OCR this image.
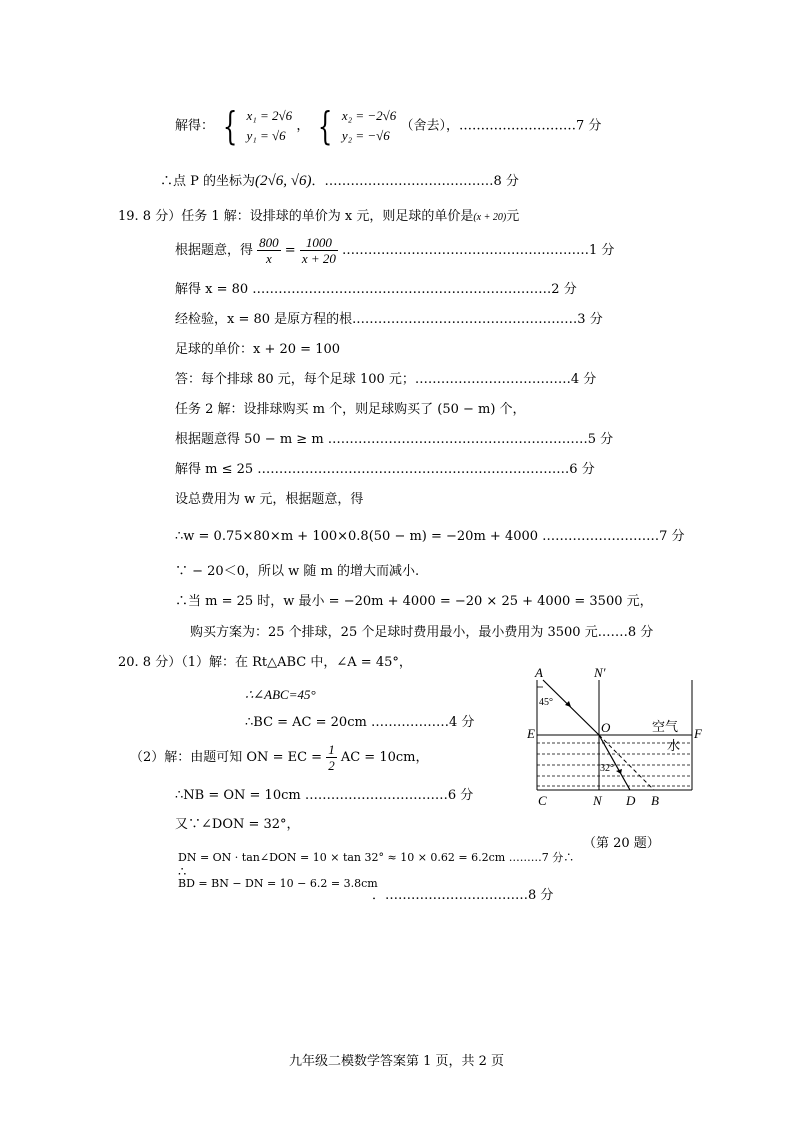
解得： { x₁ = 2√6
y₁ = √6
， { x₂ = −2√6
y₂ = −√6
（舍去），………………………7 分
∴点 P 的坐标为(2√6, √6)．…………………………………8 分
19. 8 分）任务 1 解：设排球的单价为 x 元，则足球的单价是(x + 20)元
根据题意，得 $\frac{800}{x} = \frac{1000}{x + 20}$ …………………………………………………1 分
解得 x = 80 ……………………………………………………………2 分
经检验，x = 80 是原方程的根.……………………………………………3 分
足球的单价：x + 20 = 100
答：每个排球 80 元，每个足球 100 元；………………………………4 分
任务 2 解：设排球购买 m 个，则足球购买了 (50 − m) 个，
根据题意得 50 − m ≥ m ……………………………………………………5 分
解得 m ≤ 25 ………………………………………………………………6 分
设总费用为 w 元，根据题意，得
∴w = 0.75×80×m + 100×0.8(50 − m) = −20m + 4000 ………………………7 分
∵ − 20＜0，所以 w 随 m 的增大而减小.
∴当 m = 25 时，w 最小 = −20m + 4000 = −20 × 25 + 4000 = 3500 元，
购买方案为：25 个排球，25 个足球时费用最小，最小费用为 3500 元.……8 分
20. 8 分）（1）解：在 Rt△ABC 中，∠A = 45°，
∴∠ABC=45°
∴BC = AC = 20cm ………………4 分
（2）解：由题可知 ON = EC = $\frac{1}{2}$ AC = 10cm，
∴NB = ON = 10cm ……………………………6 分
又∵∠DON = 32°，
DN = ON · tan∠DON = 10 × tan 32° ≈ 10 × 0.62 = 6.2cm ………7 分∴
∴
BD = BN − DN = 10 − 6.2 = 3.8cm
．……………………………8 分
A	N′
45°
O	空气
E	F
水
32°
C	N D B
（第 20 题）
九年级二模数学答案第 1 页，共 2 页
